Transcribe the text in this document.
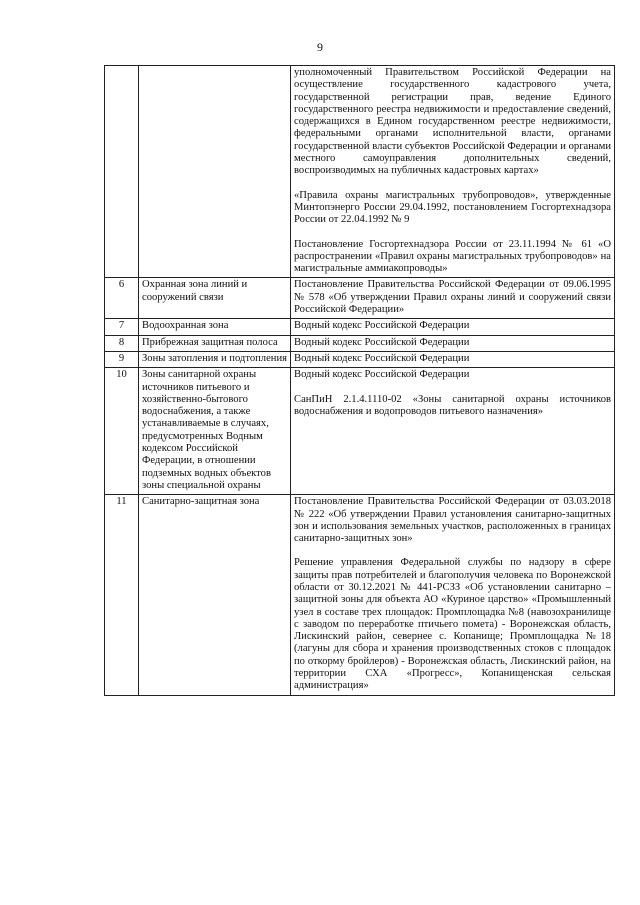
9

		уполномоченный Правительством Российской Федерации на осуществление государственного кадастрового учета, государственной регистрации прав, ведение Единого государственного реестра недвижимости и предоставление сведений, содержащихся в Едином государственном реестре недвижимости, федеральными органами исполнительной власти, органами государственной власти субъектов Российской Федерации и органами местного самоуправления дополнительных сведений, воспроизводимых на публичных кадастровых картах»
«Правила охраны магистральных трубопроводов», утвержденные Минтопэнерго России 29.04.1992, постановлением Госгортехнадзора России от 22.04.1992 № 9
Постановление Госгортехнадзора России от 23.11.1994 № 61 «О распространении «Правил охраны магистральных трубопроводов» на магистральные аммиакопроводы»

6	Охранная зона линий и сооружений связи	Постановление Правительства Российской Федерации от 09.06.1995 № 578 «Об утверждении Правил охраны линий и сооружений связи Российской Федерации»

7	Водоохранная зона	Водный кодекс Российской Федерации

8	Прибрежная защитная полоса	Водный кодекс Российской Федерации

9	Зоны затопления и подтопления	Водный кодекс Российской Федерации

10	Зоны санитарной охраны источников питьевого и хозяйственно-бытового водоснабжения, а также устанавливаемые в случаях, предусмотренных Водным кодексом Российской Федерации, в отношении подземных водных объектов зоны специальной охраны	Водный кодекс Российской Федерации
СанПиН 2.1.4.1110-02 «Зоны санитарной охраны источников водоснабжения и водопроводов питьевого назначения»

11	Санитарно-защитная зона	Постановление Правительства Российской Федерации от 03.03.2018 № 222 «Об утверждении Правил установления санитарно-защитных зон и использования земельных участков, расположенных в границах санитарно-защитных зон»
Решение управления Федеральной службы по надзору в сфере защиты прав потребителей и благополучия человека по Воронежской области от 30.12.2021 № 441-РСЗЗ «Об установлении санитарно – защитной зоны для объекта АО «Куриное царство» «Промышленный узел в составе трех площадок: Промплощадка №8 (навозохранилище с заводом по переработке птичьего помета) - Воронежская область, Лискинский район, севернее с. Копанище; Промплощадка №18 (лагуны для сбора и хранения производственных стоков с площадок по откорму бройлеров) - Воронежская область, Лискинский район, на территории СХА «Прогресс», Копанищенская сельская администрация»
